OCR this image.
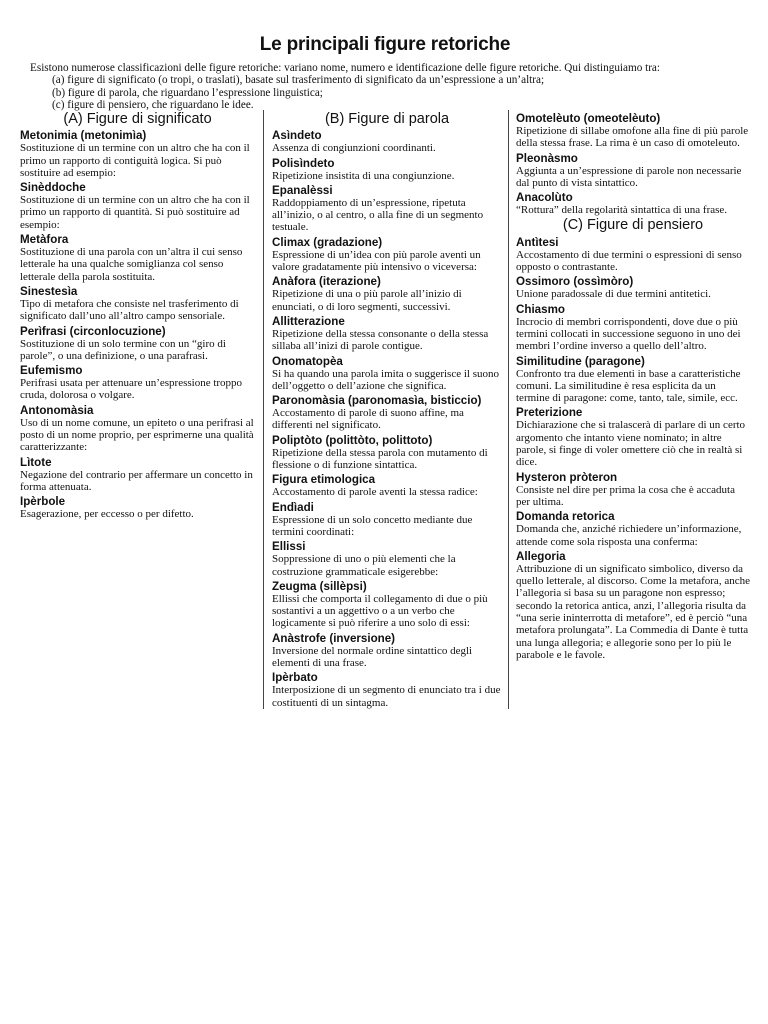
Le principali figure retoriche
Esistono numerose classificazioni delle figure retoriche: variano nome, numero e identificazione delle figure retoriche. Qui distinguiamo tra:
(a) figure di significato (o tropi, o traslati), basate sul trasferimento di significato da un’espressione a un’altra;
(b) figure di parola, che riguardano l’espressione linguistica;
(c) figure di pensiero, che riguardano le idee.
(A) Figure di significato
Metonimia (metonimìa)

Sostituzione di un termine con un altro che ha con il primo un rapporto di contiguità logica. Si può sostituire ad esempio:

Sinèddoche

Sostituzione di un termine con un altro che ha con il primo un rapporto di quantità. Si può sostituire ad esempio:

Metàfora

Sostituzione di una parola con un’altra il cui senso letterale ha una qualche somiglianza col senso letterale della parola sostituita.

Sinestesìa

Tipo di metafora che consiste nel trasferimento di significato dall’uno all’altro campo sensoriale.

Perìfrasi (circonlocuzione)

Sostituzione di un solo termine con un “giro di parole”, o una definizione, o una parafrasi.

Eufemismo

Perifrasi usata per attenuare un’espressione troppo cruda, dolorosa o volgare.

Antonomàsia

Uso di un nome comune, un epiteto o una perifrasi al posto di un nome proprio, per esprimerne una qualità caratterizzante:

Lìtote

Negazione del contrario per affermare un concetto in forma attenuata.

Ipèrbole

Esagerazione, per eccesso o per difetto.

(B) Figure di parola
Asìndeto

Assenza di congiunzioni coordinanti.

Polisìndeto

Ripetizione insistita di una congiunzione.

Epanalèssi

Raddoppiamento di un’espressione, ripetuta all’inizio, o al centro, o alla fine di un segmento testuale.

Climax (gradazione)

Espressione di un’idea con più parole aventi un valore gradatamente più intensivo o viceversa:

Anàfora (iterazione)

Ripetizione di una o più parole all’inizio di enunciati, o di loro segmenti, successivi.

Allitterazione

Ripetizione della stessa consonante o della stessa sillaba all’inizi di parole contigue.

Onomatopèa

Si ha quando una parola imita o suggerisce il suono dell’oggetto o dell’azione che significa.

Paronomàsia (paronomasìa, bisticcio)

Accostamento di parole di suono affine, ma differenti nel significato.

Poliptòto (polittòto, polittoto)

Ripetizione della stessa parola con mutamento di flessione o di funzione sintattica.

Figura etimologica

Accostamento di parole aventi la stessa radice:

Endìadi

Espressione di un solo concetto mediante due termini coordinati:

Ellissi

Soppressione di uno o più elementi che la costruzione grammaticale esigerebbe:

Zeugma (sillèpsi)

Ellissi che comporta il collegamento di due o più sostantivi a un aggettivo o a un verbo che logicamente si può riferire a uno solo di essi:

Anàstrofe (inversione)

Inversione del normale ordine sintattico degli elementi di una frase.

Ipèrbato

Interposizione di un segmento di enunciato tra i due costituenti di un sintagma.

Omotelèuto (omeotelèuto)

Ripetizione di sillabe omofone alla fine di più parole della stessa frase. La rima è un caso di omoteleuto.

Pleonàsmo

Aggiunta a un’espressione di parole non necessarie dal punto di vista sintattico.

Anacolùto

“Rottura” della regolarità sintattica di una frase.

(C) Figure di pensiero
Antìtesi

Accostamento di due termini o espressioni di senso opposto o contrastante.

Ossimoro (ossìmòro)

Unione paradossale di due termini antitetici.

Chiasmo

Incrocio di membri corrispondenti, dove due o più termini collocati in successione seguono in uno dei membri l’ordine inverso a quello dell’altro.

Similitudine (paragone)

Confronto tra due elementi in base a caratteristiche comuni. La similitudine è resa esplicita da un termine di paragone: come, tanto, tale, simile, ecc.

Preterizione

Dichiarazione che si tralascerà di parlare di un certo argomento che intanto viene nominato; in altre parole, si finge di voler omettere ciò che in realtà si dice.

Hysteron pròteron

Consiste nel dire per prima la cosa che è accaduta per ultima.

Domanda retorica

Domanda che, anziché richiedere un’informazione, attende come sola risposta una conferma:

Allegoria

Attribuzione di un significato simbolico, diverso da quello letterale, al discorso. Come la metafora, anche l’allegoria si basa su un paragone non espresso; secondo la retorica antica, anzi, l’allegoria risulta da “una serie ininterrotta di metafore”, ed è perciò “una metafora prolungata”. La Commedia di Dante è tutta una lunga allegoria; e allegorie sono per lo più le parabole e le favole.
